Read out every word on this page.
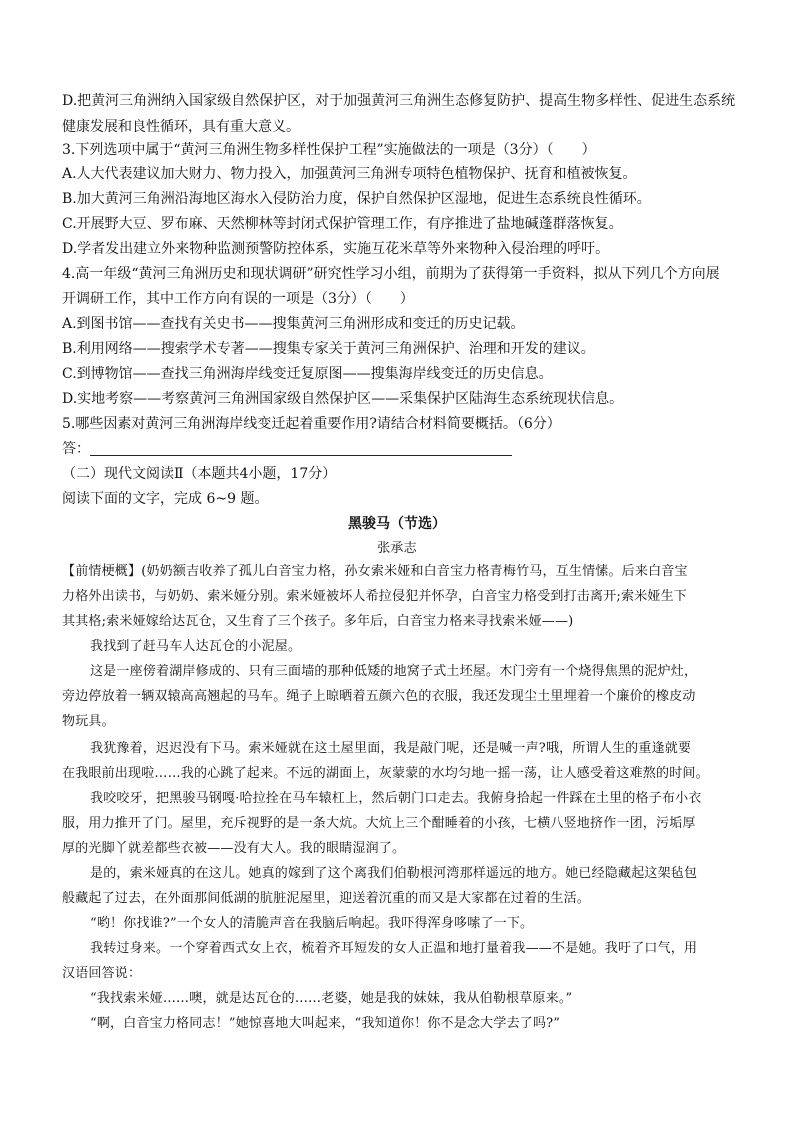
D.把黄河三角洲纳入国家级自然保护区，对于加强黄河三角洲生态修复防护、提高生物多样性、促进生态系统
健康发展和良性循环，具有重大意义。
3.下列选项中属于“黄河三角洲生物多样性保护工程”实施做法的一项是（3分）（　　）
A.人大代表建议加大财力、物力投入，加强黄河三角洲专项特色植物保护、抚育和植被恢复。
B.加大黄河三角洲沿海地区海水入侵防治力度，保护自然保护区湿地，促进生态系统良性循环。
C.开展野大豆、罗布麻、天然柳林等封闭式保护管理工作，有序推进了盐地碱蓬群落恢复。
D.学者发出建立外来物种监测预警防控体系，实施互花米草等外来物种入侵治理的呼吁。
4.高一年级“黄河三角洲历史和现状调研”研究性学习小组，前期为了获得第一手资料，拟从下列几个方向展
开调研工作，其中工作方向有误的一项是（3分）（　　）
A.到图书馆——查找有关史书——搜集黄河三角洲形成和变迁的历史记载。
B.利用网络——搜索学术专著——搜集专家关于黄河三角洲保护、治理和开发的建议。
C.到博物馆——查找三角洲海岸线变迁复原图——搜集海岸线变迁的历史信息。
D.实地考察——考察黄河三角洲国家级自然保护区——采集保护区陆海生态系统现状信息。
5.哪些因素对黄河三角洲海岸线变迁起着重要作用?请结合材料简要概括。（6分）
答：
（二）现代文阅读Ⅱ（本题共4小题，17分）
阅读下面的文字，完成 6~9 题。
黑骏马（节选）
张承志
【前情梗概】(奶奶额吉收养了孤儿白音宝力格，孙女索米娅和白音宝力格青梅竹马，互生情愫。后来白音宝
力格外出读书，与奶奶、索米娅分别。索米娅被坏人希拉侵犯并怀孕，白音宝力格受到打击离开;索米娅生下
其其格;索米娅嫁给达瓦仓，又生育了三个孩子。多年后，白音宝力格来寻找索米娅——)
我找到了赶马车人达瓦仓的小泥屋。
这是一座傍着湖岸修成的、只有三面墙的那种低矮的地窝子式土坯屋。木门旁有一个烧得焦黑的泥炉灶，
旁边停放着一辆双辕高高翘起的马车。绳子上晾晒着五颜六色的衣服，我还发现尘土里埋着一个廉价的橡皮动
物玩具。
我犹豫着，迟迟没有下马。索米娅就在这土屋里面，我是敲门呢，还是喊一声?哦，所谓人生的重逢就要
在我眼前出现啦……我的心跳了起来。不远的湖面上，灰蒙蒙的水均匀地一摇一荡，让人感受着这难熬的时间。
我咬咬牙，把黑骏马钢嘎·哈拉拴在马车辕杠上，然后朝门口走去。我俯身拾起一件踩在土里的格子布小衣
服，用力推开了门。屋里，充斥视野的是一条大炕。大炕上三个酣睡着的小孩，七横八竖地挤作一团，污垢厚
厚的光脚丫就差都些衣被——没有大人。我的眼睛湿润了。
是的，索米娅真的在这儿。她真的嫁到了这个离我们伯勒根河湾那样遥远的地方。她已经隐藏起这架毡包
般藏起了过去，在外面那间低湖的肮脏泥屋里，迎送着沉重的而又是大家都在过着的生活。
“哟！你找谁?”一个女人的清脆声音在我脑后响起。我吓得浑身哆嗦了一下。
我转过身来。一个穿着西式女上衣，梳着齐耳短发的女人正温和地打量着我——不是她。我吁了口气，用
汉语回答说：
“我找索米娅……噢，就是达瓦仓的……老婆，她是我的妹妹，我从伯勒根草原来。”
“啊，白音宝力格同志！”她惊喜地大叫起来，“我知道你！你不是念大学去了吗?”
